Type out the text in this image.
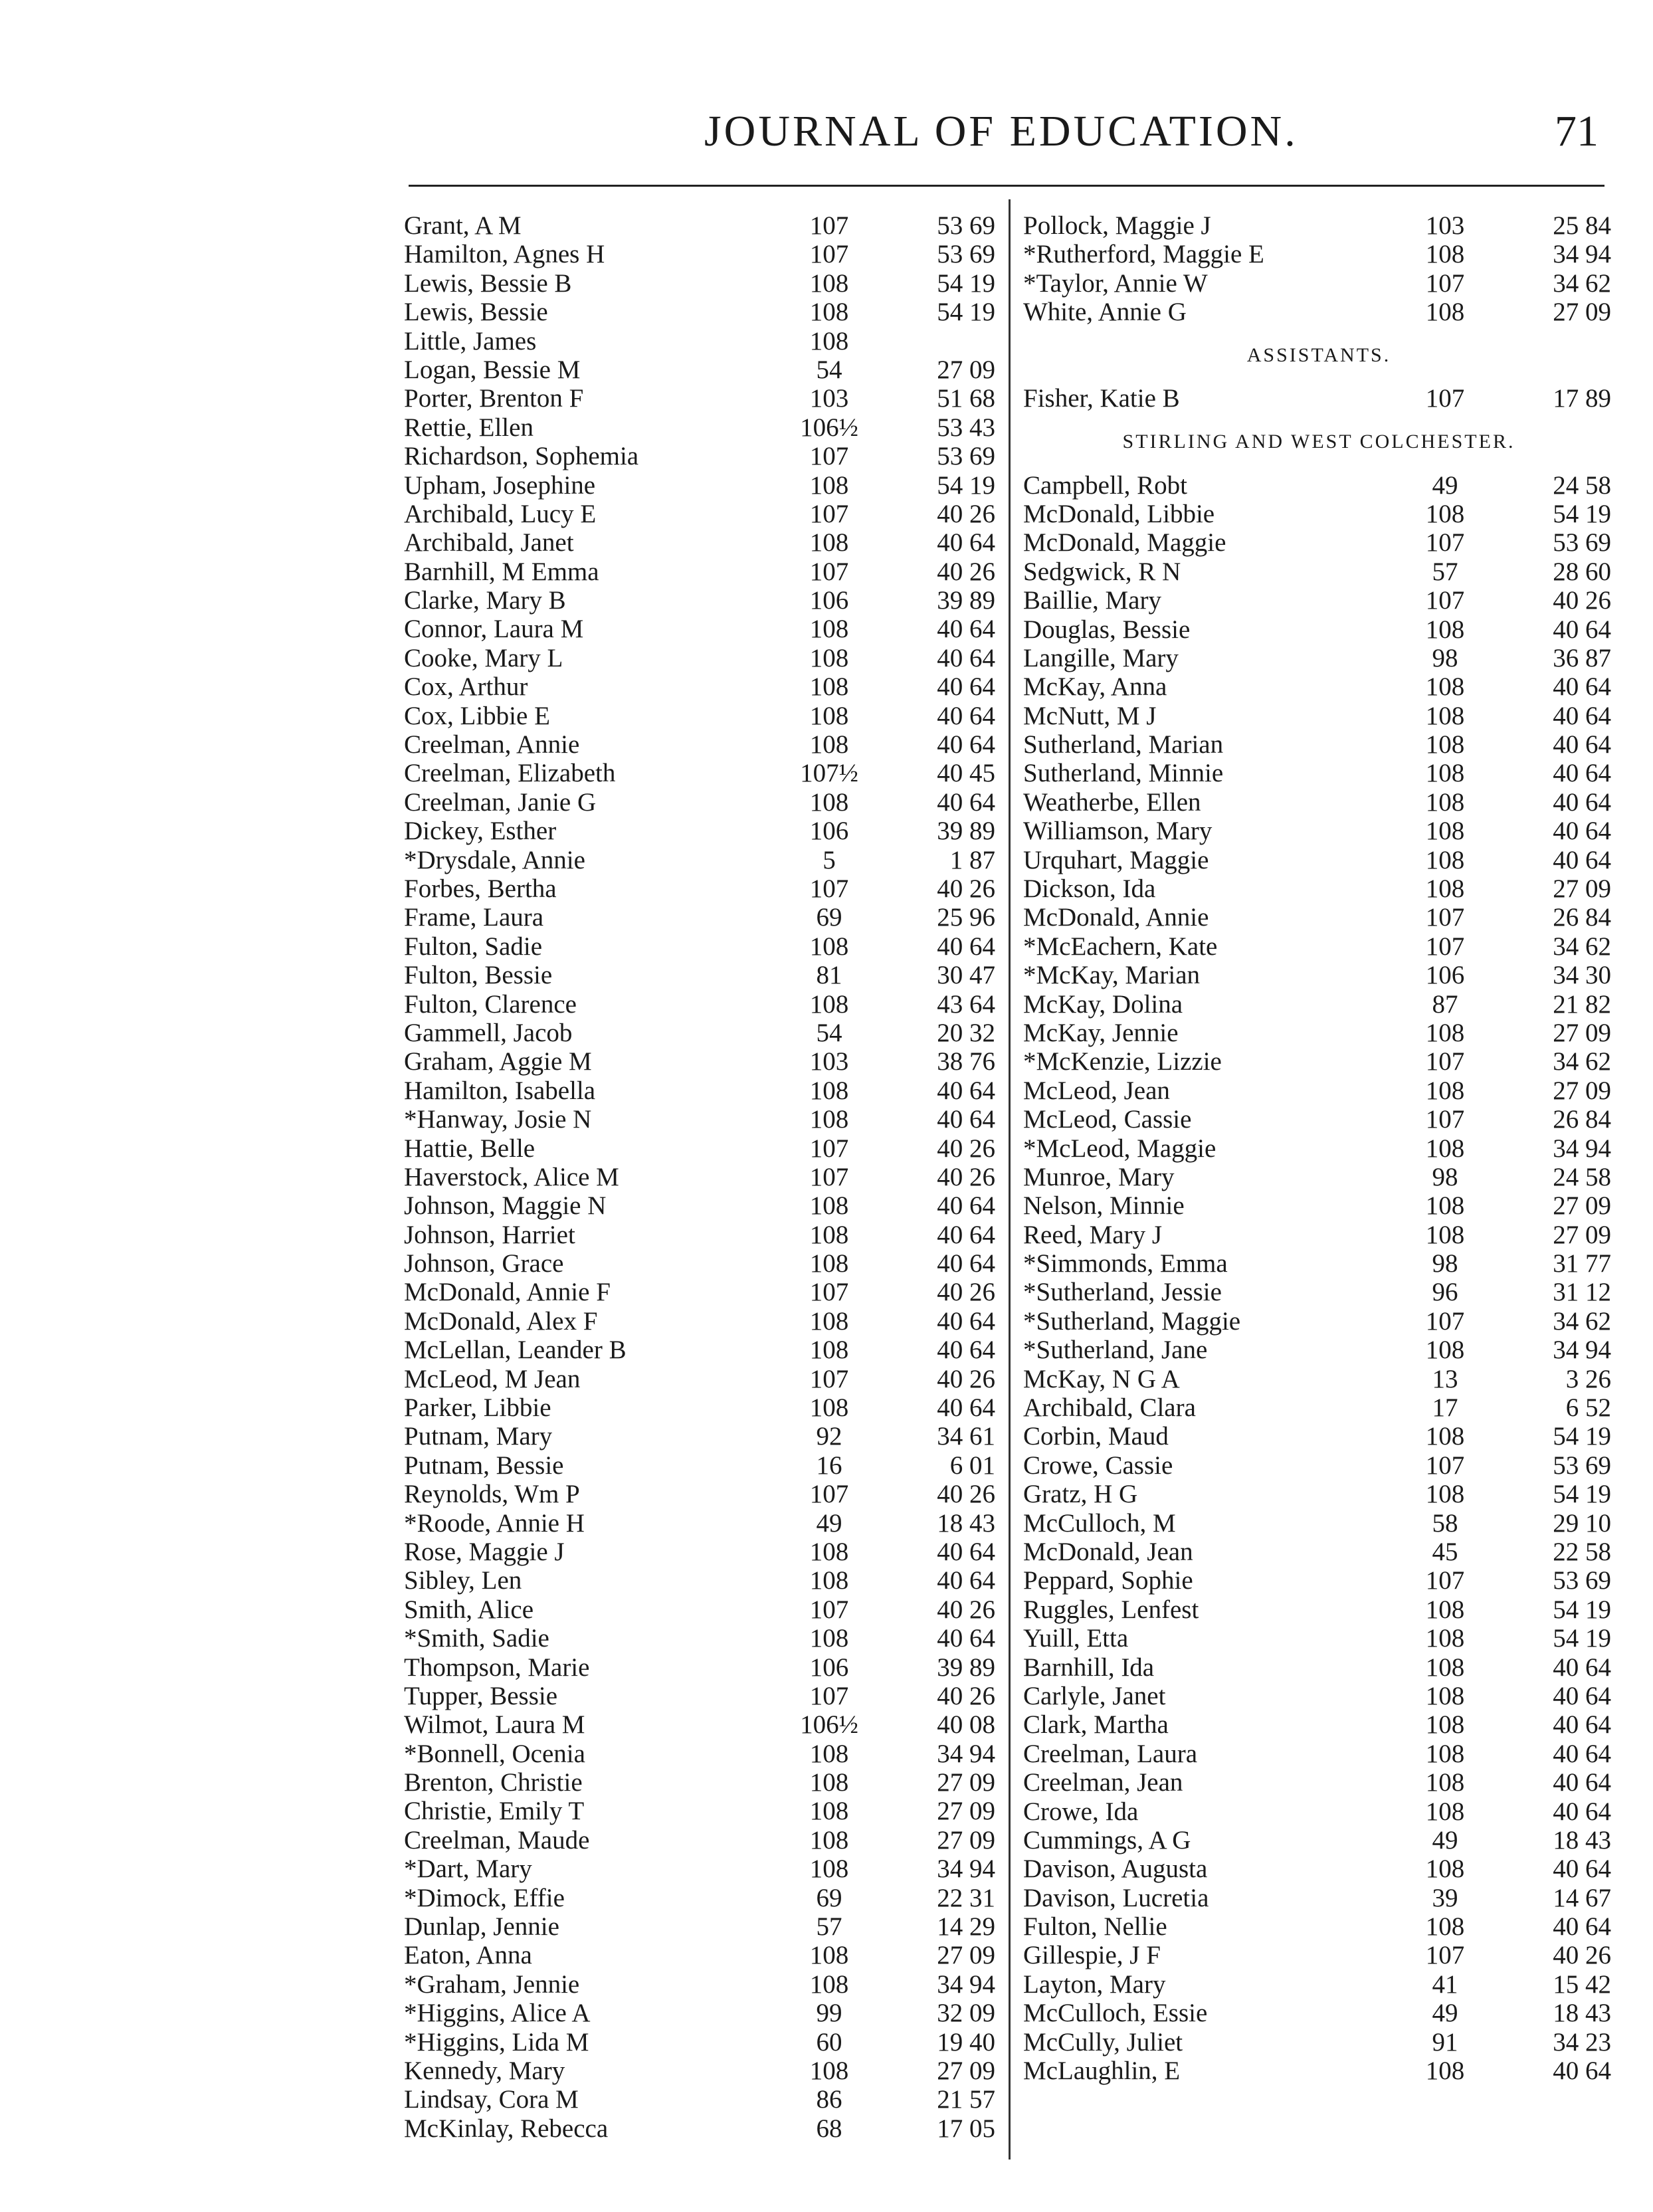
JOURNAL OF EDUCATION.	71
Grant, A M	107	53 69
Hamilton, Agnes H	107	53 69
Lewis, Bessie B	108	54 19
Lewis, Bessie	108	54 19
Little, James	108
Logan, Bessie M	54	27 09
Porter, Brenton F	103	51 68
Rettie, Ellen	106½	53 43
Richardson, Sophemia	107	53 69
Upham, Josephine	108	54 19
Archibald, Lucy E	107	40 26
Archibald, Janet	108	40 64
Barnhill, M Emma	107	40 26
Clarke, Mary B	106	39 89
Connor, Laura M	108	40 64
Cooke, Mary L	108	40 64
Cox, Arthur	108	40 64
Cox, Libbie E	108	40 64
Creelman, Annie	108	40 64
Creelman, Elizabeth	107½	40 45
Creelman, Janie G	108	40 64
Dickey, Esther	106	39 89
*Drysdale, Annie	5	1 87
Forbes, Bertha	107	40 26
Frame, Laura	69	25 96
Fulton, Sadie	108	40 64
Fulton, Bessie	81	30 47
Fulton, Clarence	108	43 64
Gammell, Jacob	54	20 32
Graham, Aggie M	103	38 76
Hamilton, Isabella	108	40 64
*Hanway, Josie N	108	40 64
Hattie, Belle	107	40 26
Haverstock, Alice M	107	40 26
Johnson, Maggie N	108	40 64
Johnson, Harriet	108	40 64
Johnson, Grace	108	40 64
McDonald, Annie F	107	40 26
McDonald, Alex F	108	40 64
McLellan, Leander B	108	40 64
McLeod, M Jean	107	40 26
Parker, Libbie	108	40 64
Putnam, Mary	92	34 61
Putnam, Bessie	16	6 01
Reynolds, Wm P	107	40 26
*Roode, Annie H	49	18 43
Rose, Maggie J	108	40 64
Sibley, Len	108	40 64
Smith, Alice	107	40 26
*Smith, Sadie	108	40 64
Thompson, Marie	106	39 89
Tupper, Bessie	107	40 26
Wilmot, Laura M	106½	40 08
*Bonnell, Ocenia	108	34 94
Brenton, Christie	108	27 09
Christie, Emily T	108	27 09
Creelman, Maude	108	27 09
*Dart, Mary	108	34 94
*Dimock, Effie	69	22 31
Dunlap, Jennie	57	14 29
Eaton, Anna	108	27 09
*Graham, Jennie	108	34 94
*Higgins, Alice A	99	32 09
*Higgins, Lida M	60	19 40
Kennedy, Mary	108	27 09
Lindsay, Cora M	86	21 57
McKinlay, Rebecca	68	17 05
Pollock, Maggie J	103	25 84
*Rutherford, Maggie E	108	34 94
*Taylor, Annie W	107	34 62
White, Annie G	108	27 09
ASSISTANTS.
Fisher, Katie B	107	17 89
STIRLING AND WEST COLCHESTER.
Campbell, Robt	49	24 58
McDonald, Libbie	108	54 19
McDonald, Maggie	107	53 69
Sedgwick, R N	57	28 60
Baillie, Mary	107	40 26
Douglas, Bessie	108	40 64
Langille, Mary	98	36 87
McKay, Anna	108	40 64
McNutt, M J	108	40 64
Sutherland, Marian	108	40 64
Sutherland, Minnie	108	40 64
Weatherbe, Ellen	108	40 64
Williamson, Mary	108	40 64
Urquhart, Maggie	108	40 64
Dickson, Ida	108	27 09
McDonald, Annie	107	26 84
*McEachern, Kate	107	34 62
*McKay, Marian	106	34 30
McKay, Dolina	87	21 82
McKay, Jennie	108	27 09
*McKenzie, Lizzie	107	34 62
McLeod, Jean	108	27 09
McLeod, Cassie	107	26 84
*McLeod, Maggie	108	34 94
Munroe, Mary	98	24 58
Nelson, Minnie	108	27 09
Reed, Mary J	108	27 09
*Simmonds, Emma	98	31 77
*Sutherland, Jessie	96	31 12
*Sutherland, Maggie	107	34 62
*Sutherland, Jane	108	34 94
McKay, N G A	13	3 26
Archibald, Clara	17	6 52
Corbin, Maud	108	54 19
Crowe, Cassie	107	53 69
Gratz, H G	108	54 19
McCulloch, M	58	29 10
McDonald, Jean	45	22 58
Peppard, Sophie	107	53 69
Ruggles, Lenfest	108	54 19
Yuill, Etta	108	54 19
Barnhill, Ida	108	40 64
Carlyle, Janet	108	40 64
Clark, Martha	108	40 64
Creelman, Laura	108	40 64
Creelman, Jean	108	40 64
Crowe, Ida	108	40 64
Cummings, A G	49	18 43
Davison, Augusta	108	40 64
Davison, Lucretia	39	14 67
Fulton, Nellie	108	40 64
Gillespie, J F	107	40 26
Layton, Mary	41	15 42
McCulloch, Essie	49	18 43
McCully, Juliet	91	34 23
McLaughlin, E	108	40 64
